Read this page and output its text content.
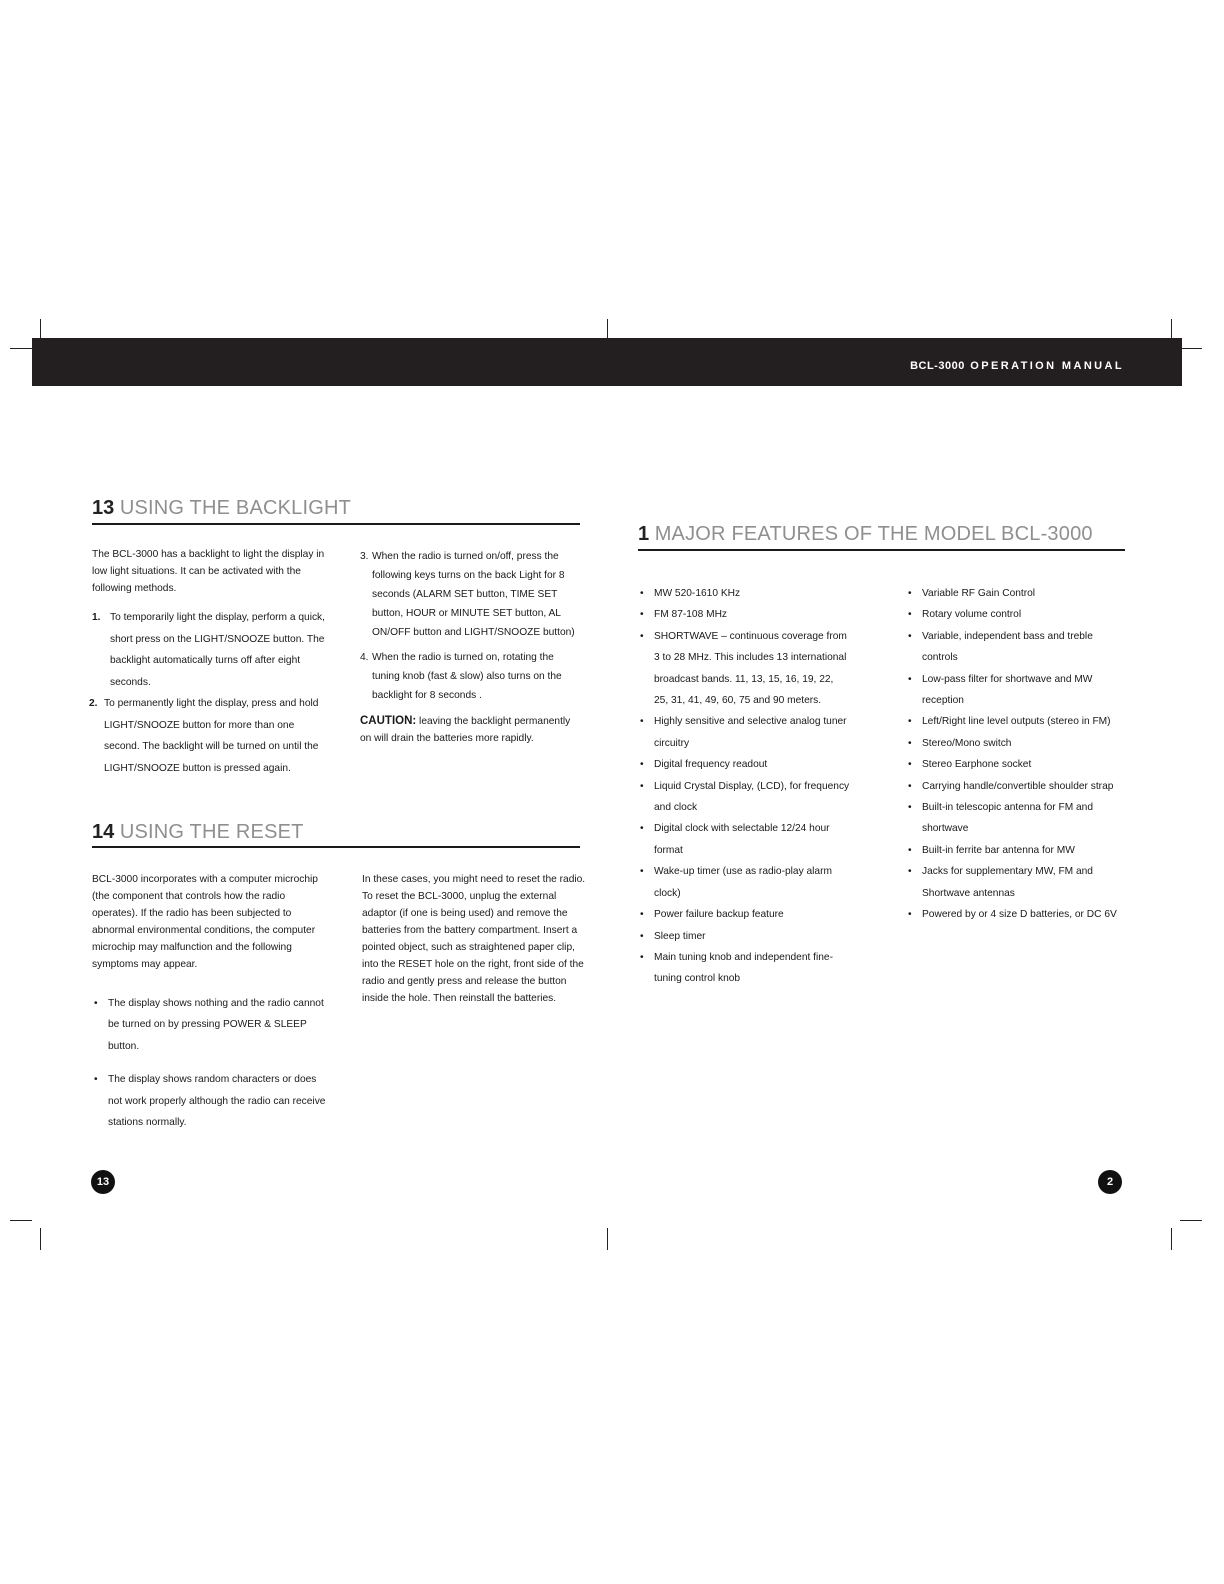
BCL-3000 OPERATION MANUAL
13 USING THE BACKLIGHT

The BCL-3000 has a backlight to light the display in low light situations. It can be activated with the following methods.

1. To temporarily light the display, perform a quick, short press on the LIGHT/SNOOZE button. The backlight automatically turns off after eight seconds.
2. To permanently light the display, press and hold LIGHT/SNOOZE button for more than one second. The backlight will be turned on until the LIGHT/SNOOZE button is pressed again.
3. When the radio is turned on/off, press the following keys turns on the back Light for 8 seconds (ALARM SET button, TIME SET button, HOUR or MINUTE SET button, AL ON/OFF button and LIGHT/SNOOZE button)
4. When the radio is turned on, rotating the tuning knob (fast & slow) also turns on the backlight for 8 seconds .

CAUTION: leaving the backlight permanently on will drain the batteries more rapidly.

14 USING THE RESET

BCL-3000 incorporates with a computer microchip (the component that controls how the radio operates). If the radio has been subjected to abnormal environmental conditions, the computer microchip may malfunction and the following symptoms may appear.

• The display shows nothing and the radio cannot be turned on by pressing POWER & SLEEP button.
• The display shows random characters or does not work properly although the radio can receive stations normally.

In these cases, you might need to reset the radio. To reset the BCL-3000, unplug the external adaptor (if one is being used) and remove the batteries from the battery compartment. Insert a pointed object, such as straightened paper clip, into the RESET hole on the right, front side of the radio and gently press and release the button inside the hole. Then reinstall the batteries.

13
1 MAJOR FEATURES OF THE MODEL BCL-3000
• MW 520-1610 KHz
• FM 87-108 MHz
• SHORTWAVE – continuous coverage from 3 to 28 MHz. This includes 13 international broadcast bands. 11, 13, 15, 16, 19, 22, 25, 31, 41, 49, 60, 75 and 90 meters.
• Highly sensitive and selective analog tuner circuitry
• Digital frequency readout
• Liquid Crystal Display, (LCD), for frequency and clock
• Digital clock with selectable 12/24 hour format
• Wake-up timer (use as radio-play alarm clock)
• Power failure backup feature
• Sleep timer
• Main tuning knob and independent fine-tuning control knob
• Variable RF Gain Control
• Rotary volume control
• Variable, independent bass and treble controls
• Low-pass filter for shortwave and MW reception
• Left/Right line level outputs (stereo in FM)
• Stereo/Mono switch
• Stereo Earphone socket
• Carrying handle/convertible shoulder strap
• Built-in telescopic antenna for FM and shortwave
• Built-in ferrite bar antenna for MW
• Jacks for supplementary MW, FM and Shortwave antennas
• Powered by or 4 size D batteries, or DC 6V
2
